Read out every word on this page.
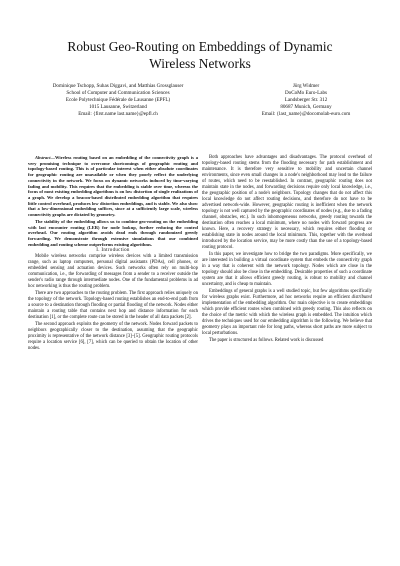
Robust Geo-Routing on Embeddings of Dynamic
Wireless Networks
Dominique Tschopp, Suhas Diggavi, and Matthias Grossglauser
School of Computer and Communication Sciences
Ecole Polytechnique Fédérale de Lausanne (EPFL)
1015 Lausanne, Switzerland
Email: {first.name last.name}@epfl.ch
Jörg Widmer
DoCoMo Euro-Labs
Landsberger Str. 312
80687 Munich, Germany
Email: {last_name}@docomolab-euro.com

Abstract—Wireless routing based on an embedding of the connectivity graph is a very promising technique to overcome shortcomings of geographic routing and topology-based routing. This is of particular interest when either absolute coordinates for geographic routing are unavailable or when they poorly reflect the underlying connectivity in the network. We focus on dynamic networks induced by time-varying fading and mobility. This requires that the embedding is stable over time, whereas the focus of most existing embedding algorithms is on low distortion of single realizations of a graph. We develop a beacon-based distributed embedding algorithm that requires little control overhead, produces low distortion embeddings, and is stable. We also show that a low-dimensional embedding suffices, since at a sufficiently large scale, wireless connectivity graphs are dictated by geometry.

The stability of the embedding allows us to combine geo-routing on the embedding with last encounter routing (LER) for node lookup, further reducing the control overhead. Our routing algorithm avoids dead ends through randomized greedy forwarding. We demonstrate through extensive simulations that our combined embedding and routing scheme outperforms existing algorithms.

I. Introduction

Mobile wireless networks comprise wireless devices with a limited transmission range, such as laptop computers, personal digital assistants (PDAs), cell phones, or embedded sensing and actuation devices. Such networks often rely on multi-hop communication, i.e., the forwarding of messages from a sender to a receiver outside the sender's radio range through intermediate nodes. One of the fundamental problems in ad hoc networking is thus the routing problem.

There are two approaches to the routing problem. The first approach relies uniquely on the topology of the network. Topology-based routing establishes an end-to-end path from a source to a destination through flooding or partial flooding of the network. Nodes either maintain a routing table that contains next hop and distance information for each destination [1], or the complete route can be stored in the header of all data packets [2].

The second approach exploits the geometry of the network. Nodes forward packets to neighbors geographically closer to the destination, assuming that the geographic proximity is representative of the network distance [3]–[5]. Geographic routing protocols require a location service [6], [7], which can be queried to obtain the location of other nodes.

Both approaches have advantages and disadvantages. The protocol overhead of topology-based routing stems from the flooding necessary for path establishment and maintenance. It is therefore very sensitive to mobility and uncertain channel environments, since even small changes in a node's neighborhood may lead to the failure of routes, which need to be reestablished. In contrast, geographic routing does not maintain state in the nodes, and forwarding decisions require only local knowledge, i.e., the geographic position of a node's neighbors. Topology changes that do not affect this local knowledge do not affect routing decisions, and therefore do not have to be advertised network-wide. However, geographic routing is inefficient when the network topology is not well captured by the geographic coordinates of nodes (e.g., due to a fading channel, obstacles, etc.). In such inhomogeneous networks, greedy routing towards the destination often reaches a local minimum, where no nodes with forward progress are known. Here, a recovery strategy is necessary, which requires either flooding or establishing state in nodes around the local minimum. This, together with the overhead introduced by the location service, may be more costly than the use of a topology-based routing protocol.

In this paper, we investigate how to bridge the two paradigms. More specifically, we are interested in building a virtual coordinate system that embeds the connectivity graph in a way that is coherent with the network topology. Nodes which are close in the topology should also be close in the embedding. Desirable properties of such a coordinate system are that it allows efficient greedy routing, is robust to mobility and channel uncertainty, and is cheap to maintain.

Embeddings of general graphs is a well studied topic, but few algorithms specifically for wireless graphs exist. Furthermore, ad hoc networks require an efficient distributed implementation of the embedding algorithm. Our main objective is to create embeddings which provide efficient routes when combined with greedy routing. This also reflects on the choice of the metric with which the wireless graph is embedded. The intuition which drives the techniques used for our embedding algorithm is the following. We believe that geometry plays an important role for long paths, whereas short paths are more subject to local perturbations.

The paper is structured as follows. Related work is discussed
